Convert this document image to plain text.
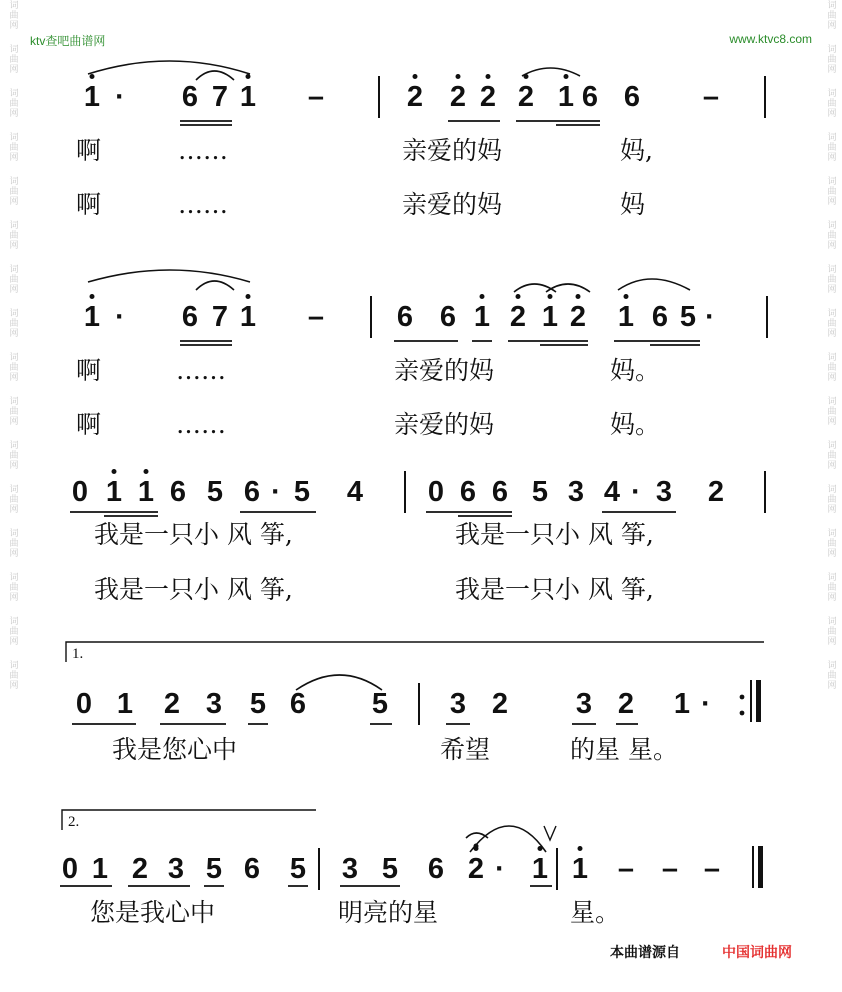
词曲网
词曲网
词曲网
词曲网
词曲网
词曲网
词曲网
词曲网
词曲网
词曲网
词曲网
词曲网
词曲网
词曲网
词曲网
词曲网
词曲网
词曲网
词曲网
词曲网
词曲网
词曲网
词曲网
词曲网
词曲网
词曲网
词曲网
词曲网
词曲网
词曲网
词曲网
词曲网
ktv查吧曲谱网	www.ktvc8.com
1 · 6 7 1 –	2 2 2 2 1 6 6 –
啊	……	亲爱的妈	妈,
啊	……	亲爱的妈	妈
1 · 6 7 1 –	6 6 1 2 1 2 1 6 5 ·
啊	……	亲爱的妈	妈。
啊	……	亲爱的妈	妈。
0 1 1 6 5 6 · 5 4 0 6 6 5 3 4 · 3 2
我是一只小 风 筝,	我是一只小 风 筝,
我是一只小 风 筝,	我是一只小 风 筝,
0 1 2 3 5 6 5 3 2 3 2 1 ·
我是您心中	希望	的星 星。
0 1 2 3 5 6 5 3 5 6 2 · 1 1 – – –
您是我心中	明亮的星	星。
1.
2.
本曲谱源自	中国词曲网
